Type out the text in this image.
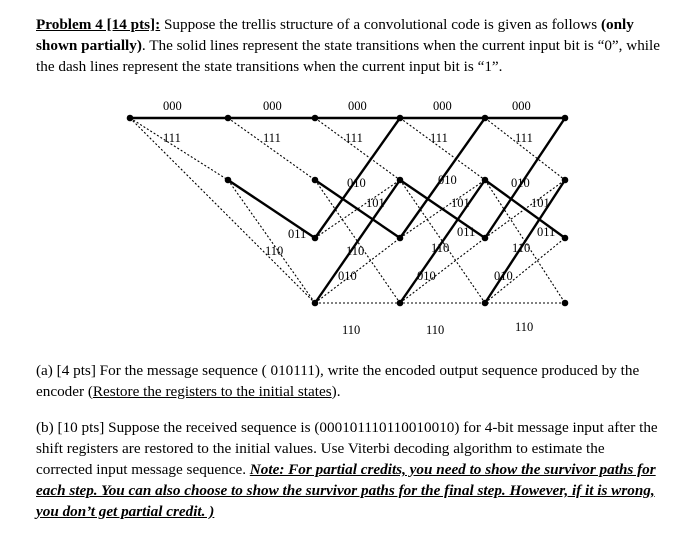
Problem 4 [14 pts]: Suppose the trellis structure of a convolutional code is given as follows (only shown partially). The solid lines represent the state transitions when the current input bit is “0”, while the dash lines represent the state transitions when the current input bit is “1”.
000	000	000	000	000
111	111	111	111	111
010	010	010
101	101	101
011	011	011
110	110	110	110
010	010	010
110	110	110
(a) [4 pts] For the message sequence ( 010111), write the encoded output sequence produced by the encoder (Restore the registers to the initial states).
(b) [10 pts] Suppose the received sequence is (000101110110010010) for 4-bit message input after the shift registers are restored to the initial values. Use Viterbi decoding algorithm to estimate the corrected input message sequence. Note: For partial credits, you need to show the survivor paths for each step. You can also choose to show the survivor paths for the final step. However, if it is wrong, you don’t get partial credit. )
